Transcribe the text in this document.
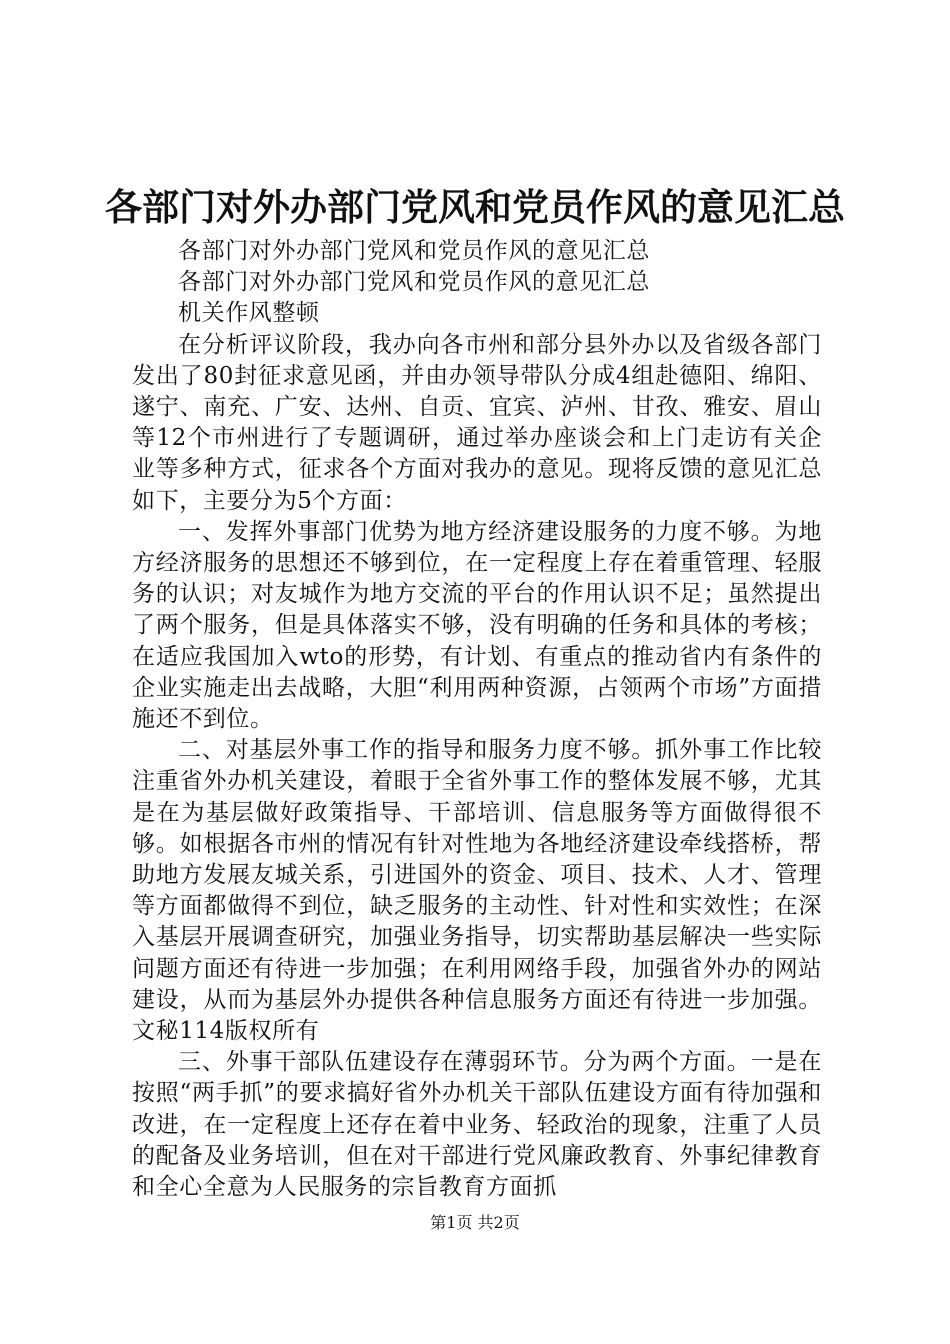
各部门对外办部门党风和党员作风的意见汇总

各部门对外办部门党风和党员作风的意见汇总

各部门对外办部门党风和党员作风的意见汇总

机关作风整顿

在分析评议阶段，我办向各市州和部分县外办以及省级各部门发出了80封征求意见函，并由办领导带队分成4组赴德阳、绵阳、遂宁、南充、广安、达州、自贡、宜宾、泸州、甘孜、雅安、眉山等12个市州进行了专题调研，通过举办座谈会和上门走访有关企业等多种方式，征求各个方面对我办的意见。现将反馈的意见汇总如下，主要分为5个方面：

一、发挥外事部门优势为地方经济建设服务的力度不够。为地方经济服务的思想还不够到位，在一定程度上存在着重管理、轻服务的认识；对友城作为地方交流的平台的作用认识不足；虽然提出了两个服务，但是具体落实不够，没有明确的任务和具体的考核；在适应我国加入wto的形势，有计划、有重点的推动省内有条件的企业实施走出去战略，大胆“利用两种资源，占领两个市场”方面措施还不到位。

二、对基层外事工作的指导和服务力度不够。抓外事工作比较注重省外办机关建设，着眼于全省外事工作的整体发展不够，尤其是在为基层做好政策指导、干部培训、信息服务等方面做得很不够。如根据各市州的情况有针对性地为各地经济建设牵线搭桥，帮助地方发展友城关系，引进国外的资金、项目、技术、人才、管理等方面都做得不到位，缺乏服务的主动性、针对性和实效性；在深入基层开展调查研究，加强业务指导，切实帮助基层解决一些实际问题方面还有待进一步加强；在利用网络手段，加强省外办的网站建设，从而为基层外办提供各种信息服务方面还有待进一步加强。文秘114版权所有

三、外事干部队伍建设存在薄弱环节。分为两个方面。一是在按照“两手抓”的要求搞好省外办机关干部队伍建设方面有待加强和改进，在一定程度上还存在着中业务、轻政治的现象，注重了人员的配备及业务培训，但在对干部进行党风廉政教育、外事纪律教育和全心全意为人民服务的宗旨教育方面抓

第1页 共2页
